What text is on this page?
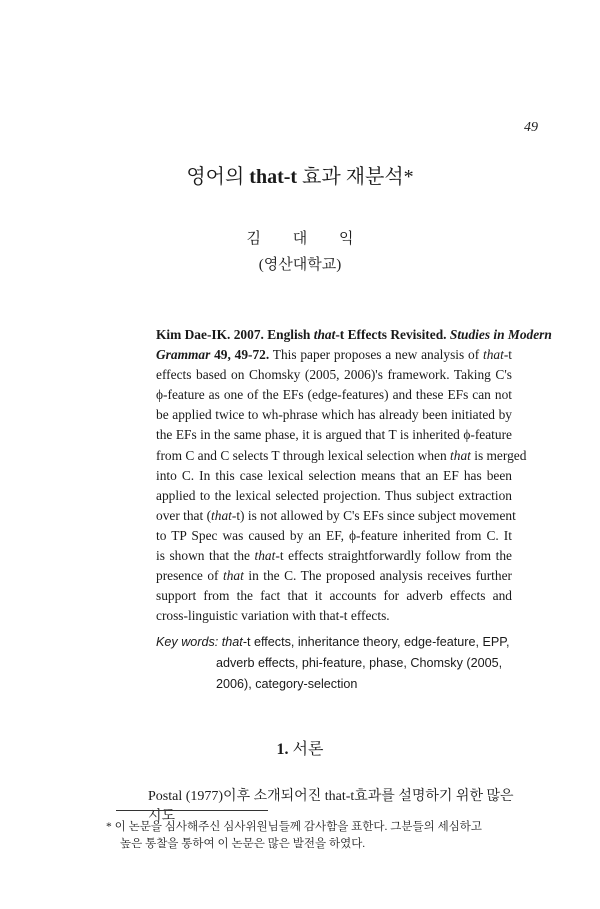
49
영어의 that-t 효과 재분석*
김 대 익
(영산대학교)
Kim Dae-IK. 2007. English that-t Effects Revisited. Studies in Modern
Grammar 49, 49-72. This paper proposes a new analysis of that-t
effects based on Chomsky (2005, 2006)'s framework. Taking C's
ϕ-feature as one of the EFs (edge-features) and these EFs can not
be applied twice to wh-phrase which has already been initiated by
the EFs in the same phase, it is argued that T is inherited ϕ-feature
from C and C selects T through lexical selection when that is merged
into C. In this case lexical selection means that an EF has been
applied to the lexical selected projection. Thus subject extraction
over that (that-t) is not allowed by C's EFs since subject movement
to TP Spec was caused by an EF, ϕ-feature inherited from C. It
is shown that the that-t effects straightforwardly follow from the
presence of that in the C. The proposed analysis receives further
support from the fact that it accounts for adverb effects and
cross-linguistic variation with that-t effects.
Key words: that-t effects, inheritance theory, edge-feature, EPP,
adverb effects, phi-feature, phase, Chomsky (2005,
2006), category-selection
1. 서론
Postal (1977)이후 소개되어진 that-t효과를 설명하기 위한 많은 시도
* 이 논문을 심사해주신 심사위원님들께 감사함을 표한다. 그분들의 세심하고
높은 통찰을 통하여 이 논문은 많은 발전을 하였다.
